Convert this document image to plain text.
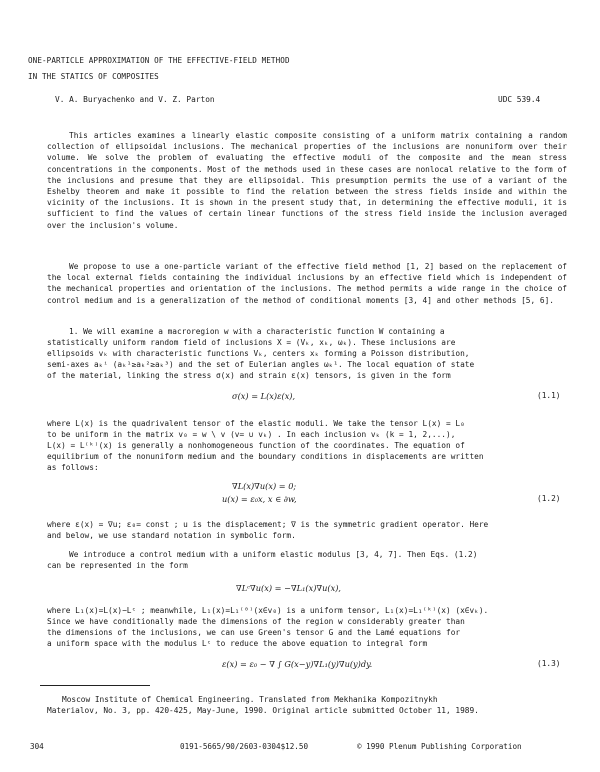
ONE-PARTICLE APPROXIMATION OF THE EFFECTIVE-FIELD METHOD
IN THE STATICS OF COMPOSITES
V. A. Buryachenko and V. Z. Parton	UDC 539.4
This articles examines a linearly elastic composite consisting of a uniform matrix containing a random collection of ellipsoidal inclusions. The mechanical properties of the inclusions are nonuniform over their volume. We solve the problem of evaluating the effective moduli of the composite and the mean stress concentrations in the components. Most of the methods used in these cases are nonlocal relative to the form of the inclusions and presume that they are ellipsoidal. This presumption permits the use of a variant of the Eshelby theorem and make it possible to find the relation between the stress fields inside and within the vicinity of the inclusions. It is shown in the present study that, in determining the effective moduli, it is sufficient to find the values of certain linear functions of the stress field inside the inclusion averaged over the inclusion's volume.
We propose to use a one-particle variant of the effective field method [1, 2] based on the replacement of the local external fields containing the individual inclusions by an effective field which is independent of the mechanical properties and orientation of the inclusions. The method permits a wide range in the choice of control medium and is a generalization of the method of conditional moments [3, 4] and other methods [5, 6].
1. We will examine a macroregion w with a characteristic function W containing a
statistically uniform random field of inclusions X = (Vₖ, xₖ, ωₖ). These inclusions are
ellipsoids vₖ with characteristic functions Vₖ, centers xₖ forming a Poisson distribution,
semi-axes aₖⁱ (aₖ¹≥aₖ²≥aₖ³) and the set of Eulerian angles ωₖ¹. The local equation of state
of the material, linking the stress σ(x) and strain ε(x) tensors, is given in the form
σ(x) = L(x)ε(x),	(1.1)
where L(x) is the quadrivalent tensor of the elastic moduli. We take the tensor L(x) = L₀
to be uniform in the matrix v₀ = w \ v (v= ∪ vₖ) . In each inclusion vₖ (k = 1, 2,...),
L(x) = L⁽ᵏ⁾(x) is generally a nonhomogeneous function of the coordinates. The equation of
equilibrium of the nonuniform medium and the boundary conditions in displacements are written
as follows:
∇L(x)∇u(x) = 0;
u(x) = ε₀x, x ∈ ∂w,	(1.2)
where ε(x) = ∇u; ε₀= const ; u is the displacement; ∇ is the symmetric gradient operator. Here
and below, we use standard notation in symbolic form.
We introduce a control medium with a uniform elastic modulus [3, 4, 7]. Then Eqs. (1.2)
can be represented in the form
∇Lᶜ∇u(x) = −∇L₁(x)∇u(x),
where L₁(x)=L(x)−Lᶜ ; meanwhile, L₁(x)=L₁⁽⁰⁾(x∈v₀) is a uniform tensor, L₁(x)=L₁⁽ᵏ⁾(x) (x∈vₖ).
Since we have conditionally made the dimensions of the region w considerably greater than
the dimensions of the inclusions, we can use Green's tensor G and the Lamé equations for
a uniform space with the modulus Lᶜ to reduce the above equation to integral form
ε(x) = ε₀ − ∇ ∫ G(x−y)∇L₁(y)∇u(y)dy.	(1.3)
Moscow Institute of Chemical Engineering. Translated from Mekhanika Kompozitnykh
Materialov, No. 3, pp. 420-425, May-June, 1990. Original article submitted October 11, 1989.
304	0191-5665/90/2603-0304$12.50	© 1990 Plenum Publishing Corporation
